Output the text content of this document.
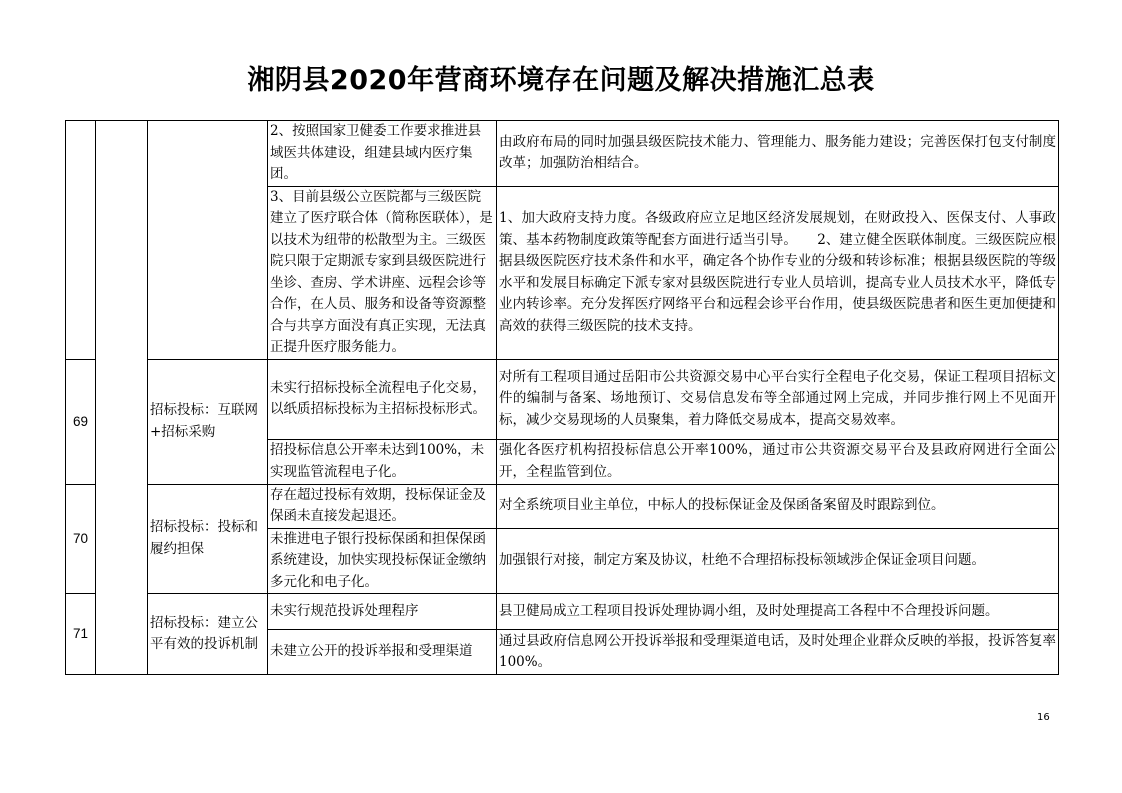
湘阴县2020年营商环境存在问题及解决措施汇总表
			2、按照国家卫健委工作要求推进县域医共体建设，组建县域内医疗集团。	由政府布局的同时加强县级医院技术能力、管理能力、服务能力建设；完善医保打包支付制度改革；加强防治相结合。
			3、目前县级公立医院都与三级医院建立了医疗联合体（简称医联体），是以技术为纽带的松散型为主。三级医院只限于定期派专家到县级医院进行坐诊、查房、学术讲座、远程会诊等合作，在人员、服务和设备等资源整合与共享方面没有真正实现，无法真正提升医疗服务能力。	1、加大政府支持力度。各级政府应立足地区经济发展规划，在财政投入、医保支付、人事政策、基本药物制度政策等配套方面进行适当引导。　　2、建立健全医联体制度。三级医院应根据县级医院医疗技术条件和水平，确定各个协作专业的分级和转诊标准；根据县级医院的等级水平和发展目标确定下派专家对县级医院进行专业人员培训，提高专业人员技术水平，降低专业内转诊率。充分发挥医疗网络平台和远程会诊平台作用，使县级医院患者和医生更加便捷和高效的获得三级医院的技术支持。
69		招标投标：互联网+招标采购	未实行招标投标全流程电子化交易，以纸质招标投标为主招标投标形式。	对所有工程项目通过岳阳市公共资源交易中心平台实行全程电子化交易，保证工程项目招标文件的编制与备案、场地预订、交易信息发布等全部通过网上完成，并同步推行网上不见面开标，减少交易现场的人员聚集，着力降低交易成本，提高交易效率。
			招投标信息公开率未达到100%，未实现监管流程电子化。	强化各医疗机构招投标信息公开率100%，通过市公共资源交易平台及县政府网进行全面公开，全程监管到位。
70		招标投标：投标和履约担保	存在超过投标有效期，投标保证金及保函未直接发起退还。	对全系统项目业主单位，中标人的投标保证金及保函备案留及时跟踪到位。
			未推进电子银行投标保函和担保保函系统建设，加快实现投标保证金缴纳多元化和电子化。	加强银行对接，制定方案及协议，杜绝不合理招标投标领域涉企保证金项目问题。
71		招标投标：建立公平有效的投诉机制	未实行规范投诉处理程序	县卫健局成立工程项目投诉处理协调小组，及时处理提高工各程中不合理投诉问题。
			未建立公开的投诉举报和受理渠道	通过县政府信息网公开投诉举报和受理渠道电话，及时处理企业群众反映的举报，投诉答复率100%。
16
